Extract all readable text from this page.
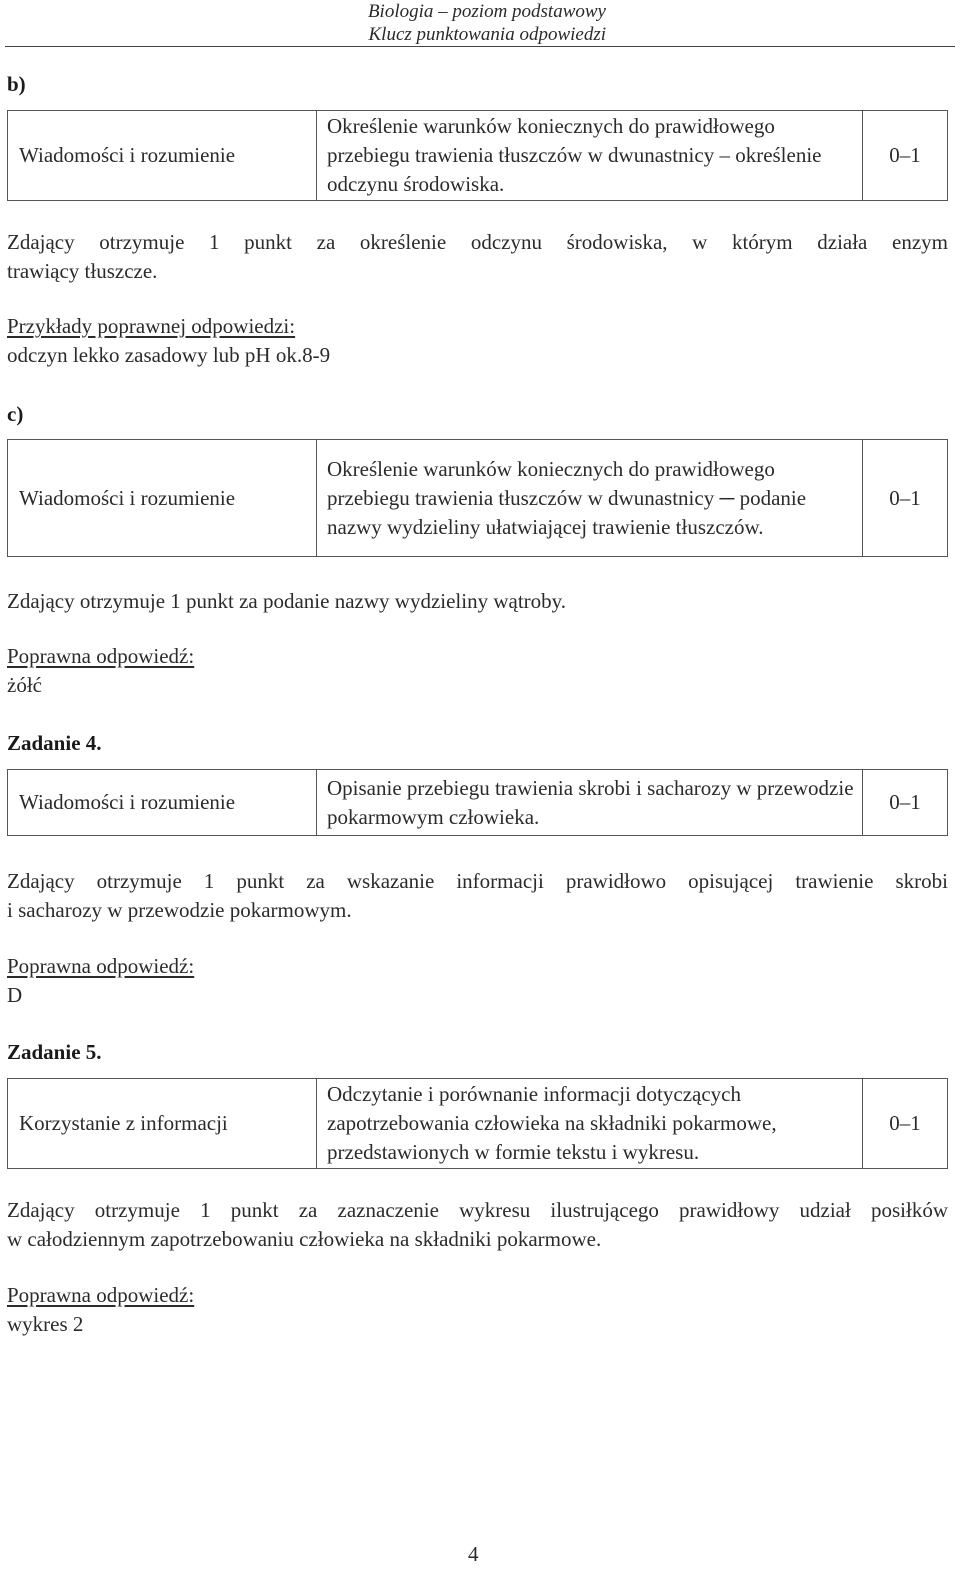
Biologia – poziom podstawowy
Klucz punktowania odpowiedzi
b)
Wiadomości i rozumienie	Określenie warunków koniecznych do prawidłowego przebiegu trawienia tłuszczów w dwunastnicy – określenie odczynu środowiska.	0–1
Zdający otrzymuje 1 punkt za określenie odczynu środowiska, w którym działa enzym
trawiący tłuszcze.
Przykłady poprawnej odpowiedzi:
odczyn lekko zasadowy lub pH ok.8-9
c)
Wiadomości i rozumienie	Określenie warunków koniecznych do prawidłowego przebiegu trawienia tłuszczów w dwunastnicy ─ podanie nazwy wydzieliny ułatwiającej trawienie tłuszczów.	0–1
Zdający otrzymuje 1 punkt za podanie nazwy wydzieliny wątroby.
Poprawna odpowiedź:
żółć
Zadanie 4.
Wiadomości i rozumienie	Opisanie przebiegu trawienia skrobi i sacharozy w przewodzie pokarmowym człowieka.	0–1
Zdający otrzymuje 1 punkt za wskazanie informacji prawidłowo opisującej trawienie skrobi
i sacharozy w przewodzie pokarmowym.
Poprawna odpowiedź:
D
Zadanie 5.
Korzystanie z informacji	Odczytanie i porównanie informacji dotyczących zapotrzebowania człowieka na składniki pokarmowe, przedstawionych w formie tekstu i wykresu.	0–1
Zdający otrzymuje 1 punkt za zaznaczenie wykresu ilustrującego prawidłowy udział posiłków
w całodziennym zapotrzebowaniu człowieka na składniki pokarmowe.
Poprawna odpowiedź:
wykres 2
4
